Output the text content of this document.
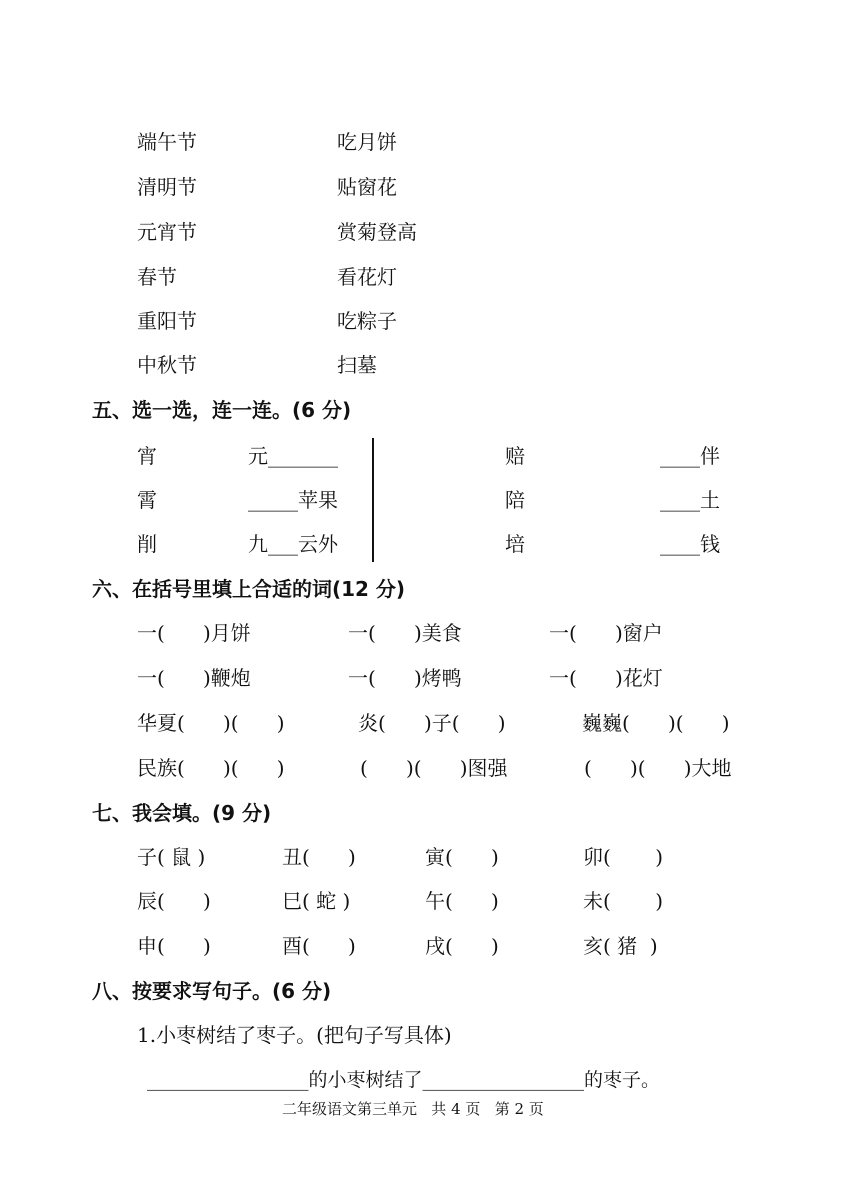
端午节	吃月饼
清明节	贴窗花
元宵节	赏菊登高
春节	看花灯
重阳节	吃粽子
中秋节	扫墓
五、选一选，连一连。(6 分)
宵	元_______	赔	____伴
霄	_____苹果	陪	____土
削	九___云外	培	____钱
六、在括号里填上合适的词(12 分)
一(      )月饼	一(      )美食	一(      )窗户
一(      )鞭炮	一(      )烤鸭	一(      )花灯
华夏(      )(      )	炎(      )子(      )	巍巍(      )(      )
民族(      )(      )	(      )(      )图强	(      )(      )大地
七、我会填。(9 分)
子( 鼠 )	丑(      )	寅(      )	卯(       )
辰(      )	巳( 蛇 )	午(      )	未(       )
申(      )	酉(      )	戌(      )	亥( 猪  )
八、按要求写句子。(6 分)
1.小枣树结了枣子。(把句子写具体)
_________________的小枣树结了_________________的枣子。
二年级语文第三单元   共 4 页   第 2 页
